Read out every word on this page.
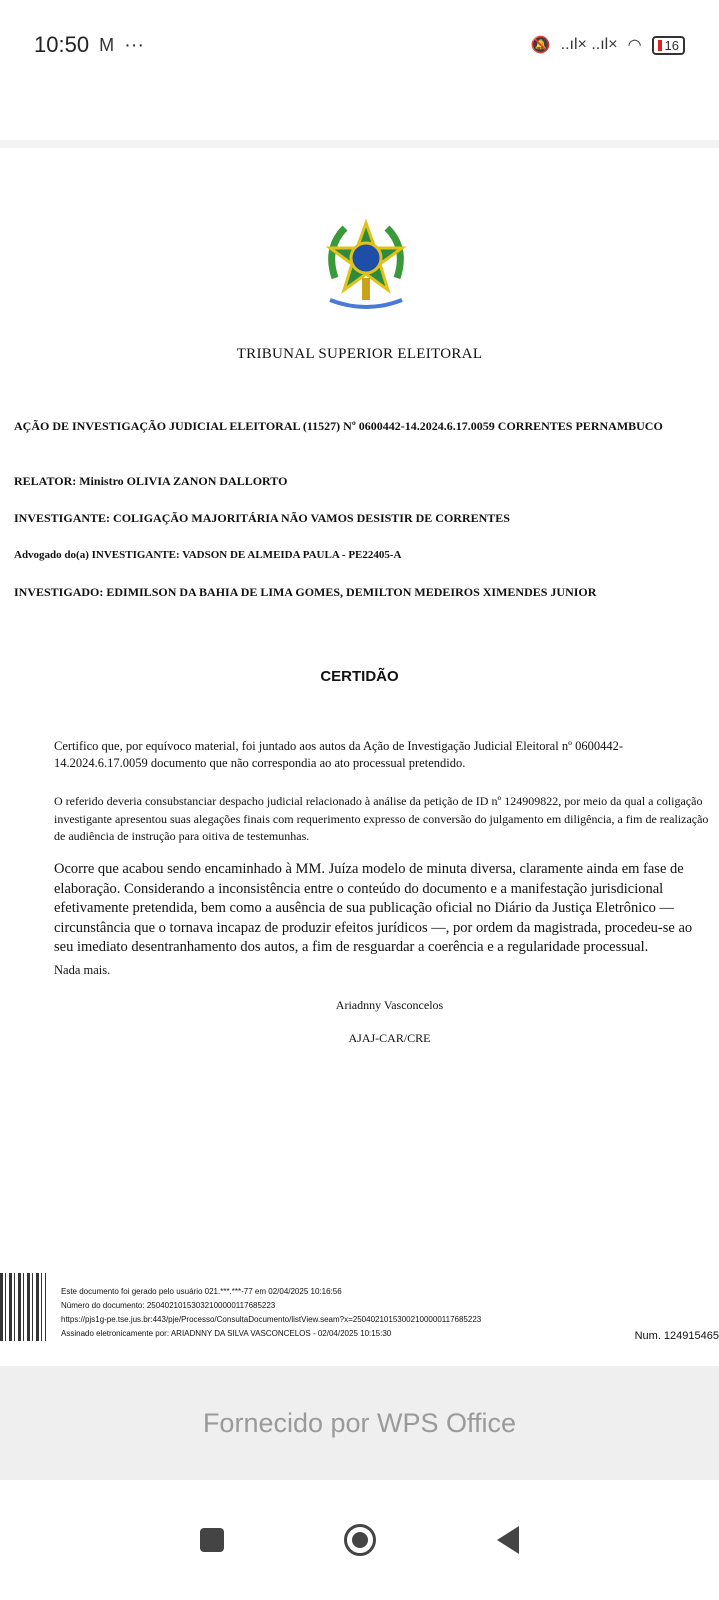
10:50 M ···	🔕 ..ıl× ..ıl× ◠ 16
TRIBUNAL SUPERIOR ELEITORAL
AÇÃO DE INVESTIGAÇÃO JUDICIAL ELEITORAL (11527) Nº 0600442-14.2024.6.17.0059 CORRENTES PERNAMBUCO
RELATOR: Ministro OLIVIA ZANON DALLORTO
INVESTIGANTE: COLIGAÇÃO MAJORITÁRIA NÃO VAMOS DESISTIR DE CORRENTES
Advogado do(a) INVESTIGANTE: VADSON DE ALMEIDA PAULA - PE22405-A
INVESTIGADO: EDIMILSON DA BAHIA DE LIMA GOMES, DEMILTON MEDEIROS XIMENDES JUNIOR
CERTIDÃO
Certifico que, por equívoco material, foi juntado aos autos da Ação de Investigação Judicial Eleitoral nº 0600442-14.2024.6.17.0059 documento que não correspondia ao ato processual pretendido.
O referido deveria consubstanciar despacho judicial relacionado à análise da petição de ID nº 124909822, por meio da qual a coligação investigante apresentou suas alegações finais com requerimento expresso de conversão do julgamento em diligência, a fim de realização de audiência de instrução para oitiva de testemunhas.
Ocorre que acabou sendo encaminhado à MM. Juíza modelo de minuta diversa, claramente ainda em fase de elaboração. Considerando a inconsistência entre o conteúdo do documento e a manifestação jurisdicional efetivamente pretendida, bem como a ausência de sua publicação oficial no Diário da Justiça Eletrônico — circunstância que o tornava incapaz de produzir efeitos jurídicos —, por ordem da magistrada, procedeu-se ao seu imediato desentranhamento dos autos, a fim de resguardar a coerência e a regularidade processual.
Nada mais.
Ariadnny Vasconcelos
AJAJ-CAR/CRE
Este documento foi gerado pelo usuário 021.***.***-77 em 02/04/2025 10:16:56
Número do documento: 25040210153032100000117685223
https://pjs1g-pe.tse.jus.br:443/pje/Processo/ConsultaDocumento/listView.seam?x=25040210153002100000117685223
Assinado eletronicamente por: ARIADNNY DA SILVA VASCONCELOS - 02/04/2025 10:15:30	Num. 124915465
Fornecido por WPS Office
